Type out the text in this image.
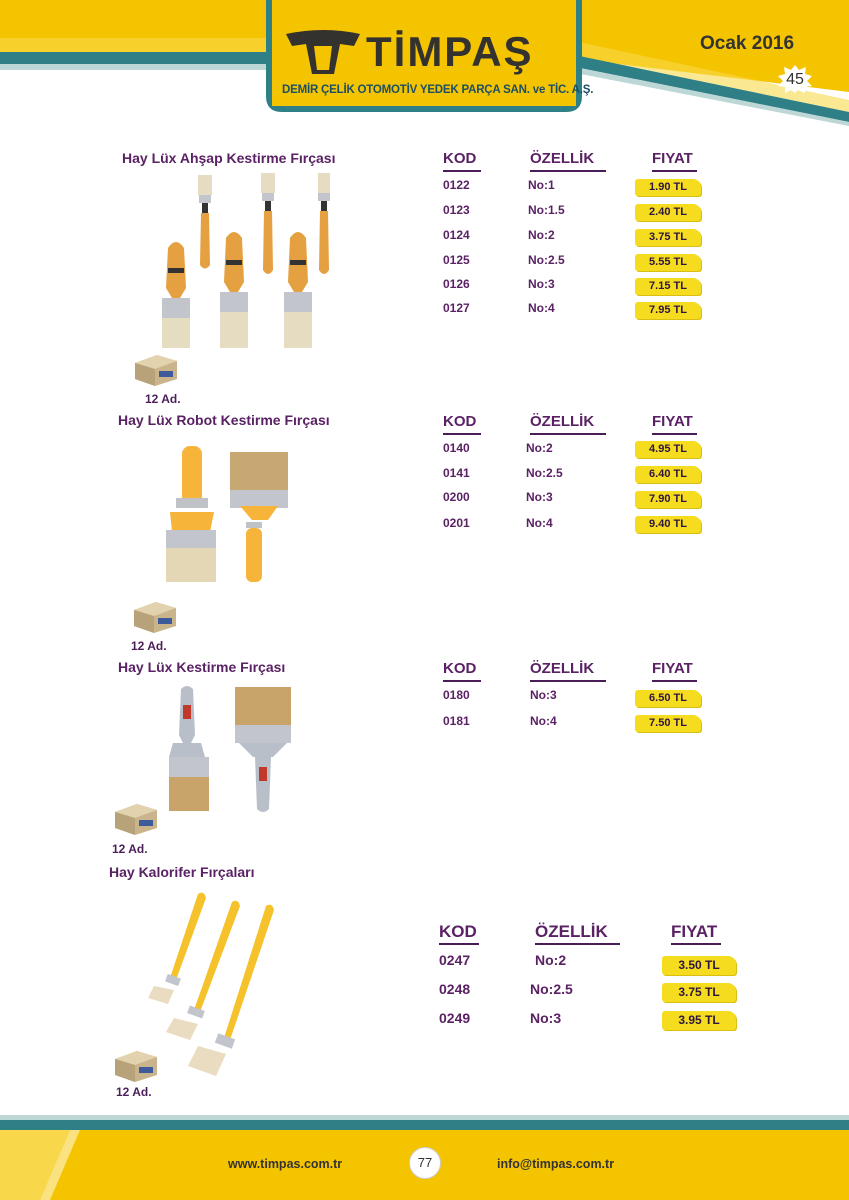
TİMPAŞ
DEMİR ÇELİK OTOMOTİV YEDEK PARÇA SAN. ve TİC. A.Ş.
Ocak 2016
45
Hay Lüx Ahşap Kestirme Fırçası
12 Ad.
KOD	ÖZELLİK	FIYAT
0122	No:1	1.90 TL
0123	No:1.5	2.40 TL
0124	No:2	3.75 TL
0125	No:2.5	5.55 TL
0126	No:3	7.15 TL
0127	No:4	7.95 TL
Hay Lüx Robot Kestirme Fırçası
12 Ad.
KOD	ÖZELLİK	FIYAT
0140	No:2	4.95 TL
0141	No:2.5	6.40 TL
0200	No:3	7.90 TL
0201	No:4	9.40 TL
Hay Lüx Kestirme Fırçası
12 Ad.
KOD	ÖZELLİK	FIYAT
0180	No:3	6.50 TL
0181	No:4	7.50 TL
Hay Kalorifer Fırçaları
12 Ad.
KOD	ÖZELLİK	FIYAT
0247	No:2	3.50 TL
0248	No:2.5	3.75 TL
0249	No:3	3.95 TL
www.timpas.com.tr	77	info@timpas.com.tr
